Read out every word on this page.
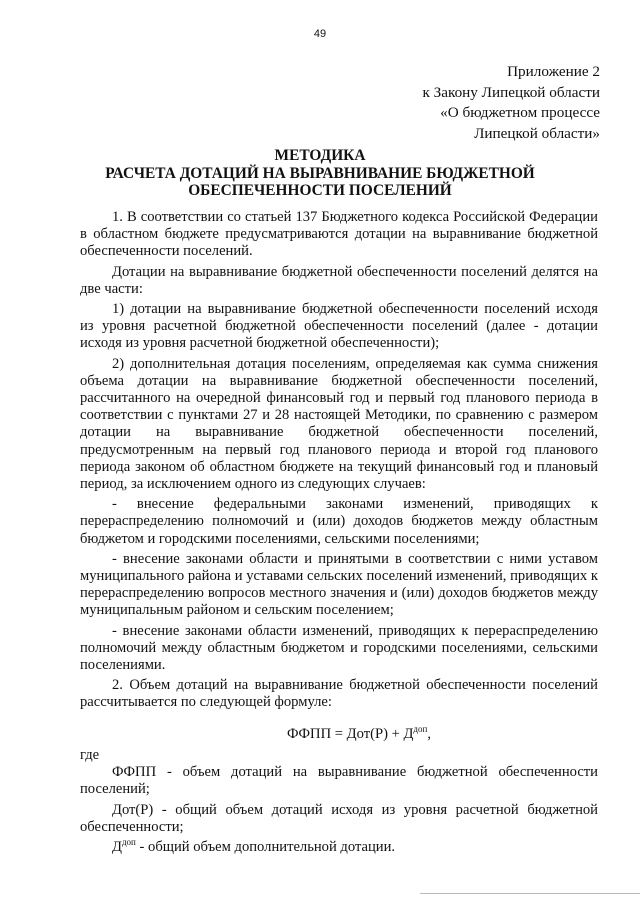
49
Приложение 2
к Закону Липецкой области
«О бюджетном процессе
Липецкой области»
МЕТОДИКА
РАСЧЕТА ДОТАЦИЙ НА ВЫРАВНИВАНИЕ БЮДЖЕТНОЙ
ОБЕСПЕЧЕННОСТИ ПОСЕЛЕНИЙ

1. В соответствии со статьей 137 Бюджетного кодекса Российской Федерации в областном бюджете предусматриваются дотации на выравнивание бюджетной обеспеченности поселений.

Дотации на выравнивание бюджетной обеспеченности поселений делятся на две части:

1) дотации на выравнивание бюджетной обеспеченности поселений исходя из уровня расчетной бюджетной обеспеченности поселений (далее - дотации исходя из уровня расчетной бюджетной обеспеченности);

2) дополнительная дотация поселениям, определяемая как сумма снижения объема дотации на выравнивание бюджетной обеспеченности поселений, рассчитанного на очередной финансовый год и первый год планового периода в соответствии с пунктами 27 и 28 настоящей Методики, по сравнению с размером дотации на выравнивание бюджетной обеспеченности поселений, предусмотренным на первый год планового периода и второй год планового периода законом об областном бюджете на текущий финансовый год и плановый период, за исключением одного из следующих случаев:

- внесение федеральными законами изменений, приводящих к перераспределению полномочий и (или) доходов бюджетов между областным бюджетом и городскими поселениями, сельскими поселениями;

- внесение законами области и принятыми в соответствии с ними уставом муниципального района и уставами сельских поселений изменений, приводящих к перераспределению вопросов местного значения и (или) доходов бюджетов между муниципальным районом и сельским поселением;

- внесение законами области изменений, приводящих к перераспределению полномочий между областным бюджетом и городскими поселениями, сельскими поселениями.

2. Объем дотаций на выравнивание бюджетной обеспеченности поселений рассчитывается по следующей формуле:

ФФПП = $Дот(Р) + Д^{доп}$,

где

ФФПП - объем дотаций на выравнивание бюджетной обеспеченности поселений;

Дот(Р) - общий объем дотаций исходя из уровня расчетной бюджетной обеспеченности;

$Д^{доп}$ - общий объем дополнительной дотации.
